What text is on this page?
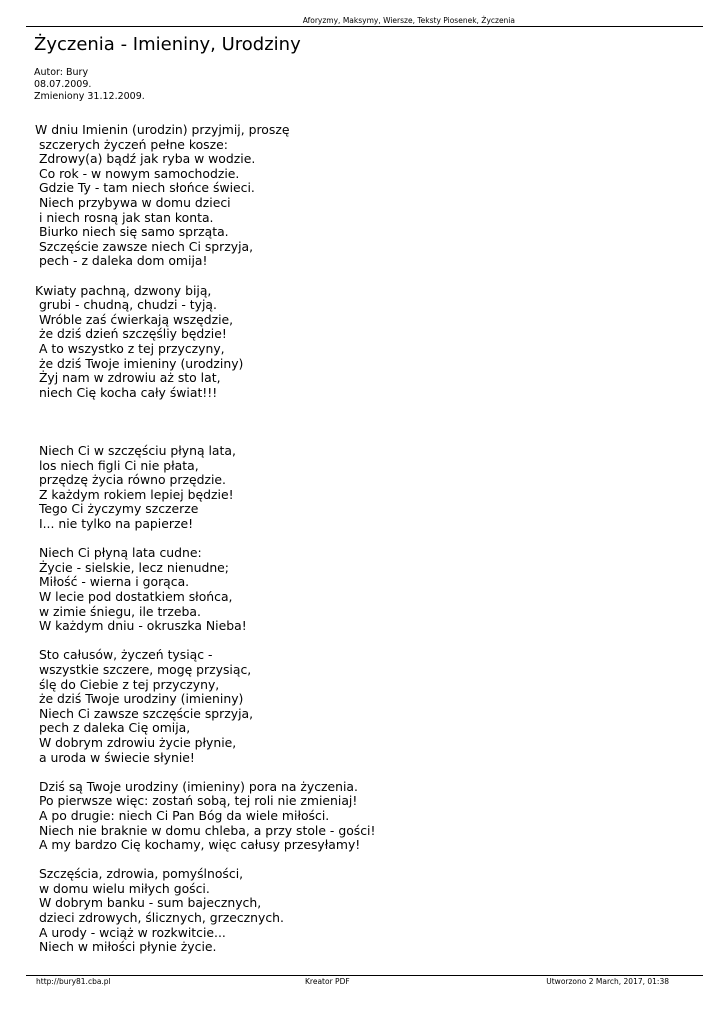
Aforyzmy, Maksymy, Wiersze, Teksty Piosenek, Życzenia
Życzenia - Imieniny, Urodziny
Autor: Bury
08.07.2009.
Zmieniony 31.12.2009.
W dniu Imienin (urodzin) przyjmij, proszę
szczerych życzeń pełne kosze:
Zdrowy(a) bądź jak ryba w wodzie.
Co rok - w nowym samochodzie.
Gdzie Ty - tam niech słońce świeci.
Niech przybywa w domu dzieci
i niech rosną jak stan konta.
Biurko niech się samo sprząta.
Szczęście zawsze niech Ci sprzyja,
pech - z daleka dom omija!
Kwiaty pachną, dzwony biją,
grubi - chudną, chudzi - tyją.
Wróble zaś ćwierkają wszędzie,
że dziś dzień szczęśliy będzie!
A to wszystko z tej przyczyny,
że dziś Twoje imieniny (urodziny)
Żyj nam w zdrowiu aż sto lat,
niech Cię kocha cały świat!!!
Niech Ci w szczęściu płyną lata,
los niech figli Ci nie płata,
przędzę życia równo przędzie.
Z każdym rokiem lepiej będzie!
Tego Ci życzymy szczerze
I... nie tylko na papierze!
Niech Ci płyną lata cudne:
Życie - sielskie, lecz nienudne;
Miłość - wierna i gorąca.
W lecie pod dostatkiem słońca,
w zimie śniegu, ile trzeba.
W każdym dniu - okruszka Nieba!
Sto całusów, życzeń tysiąc -
wszystkie szczere, mogę przysiąc,
ślę do Ciebie z tej przyczyny,
że dziś Twoje urodziny (imieniny)
Niech Ci zawsze szczęście sprzyja,
pech z daleka Cię omija,
W dobrym zdrowiu życie płynie,
a uroda w świecie słynie!
Dziś są Twoje urodziny (imieniny) pora na życzenia.
Po pierwsze więc: zostań sobą, tej roli nie zmieniaj!
A po drugie: niech Ci Pan Bóg da wiele miłości.
Niech nie braknie w domu chleba, a przy stole - gości!
A my bardzo Cię kochamy, więc całusy przesyłamy!
Szczęścia, zdrowia, pomyślności,
w domu wielu miłych gości.
W dobrym banku - sum bajecznych,
dzieci zdrowych, ślicznych, grzecznych.
A urody - wciąż w rozkwitcie...
Niech w miłości płynie życie.
http://bury81.cba.pl	Kreator PDF	Utworzono 2 March, 2017, 01:38
